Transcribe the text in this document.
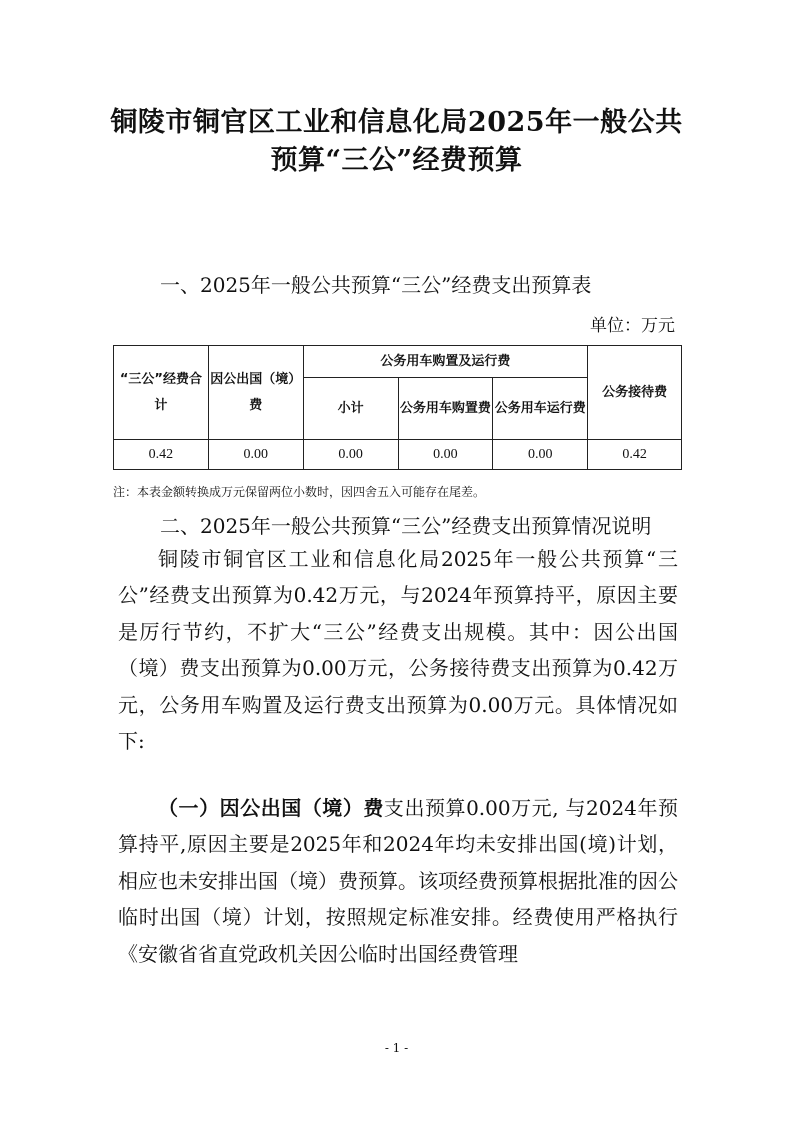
铜陵市铜官区工业和信息化局2025年一般公共
预算“三公”经费预算
一、2025年一般公共预算“三公”经费支出预算表
单位：万元
“三公”经费合计	因公出国（境）费	公务用车购置及运行费			公务接待费
		小计	公务用车购置费	公务用车运行费	
0.42	0.00	0.00	0.00	0.00	0.42
注：本表金额转换成万元保留两位小数时，因四舍五入可能存在尾差。
二、2025年一般公共预算“三公”经费支出预算情况说明

铜陵市铜官区工业和信息化局2025年一般公共预算“三公”经费支出预算为0.42万元，与2024年预算持平，原因主要是厉行节约，不扩大“三公”经费支出规模。其中：因公出国（境）费支出预算为0.00万元，公务接待费支出预算为0.42万元，公务用车购置及运行费支出预算为0.00万元。具体情况如下:

（一）因公出国（境）费支出预算0.00万元, 与2024年预算持平,原因主要是2025年和2024年均未安排出国(境)计划，相应也未安排出国（境）费预算。该项经费预算根据批准的因公临时出国（境）计划，按照规定标准安排。经费使用严格执行《安徽省省直党政机关因公临时出国经费管理

- 1 -
